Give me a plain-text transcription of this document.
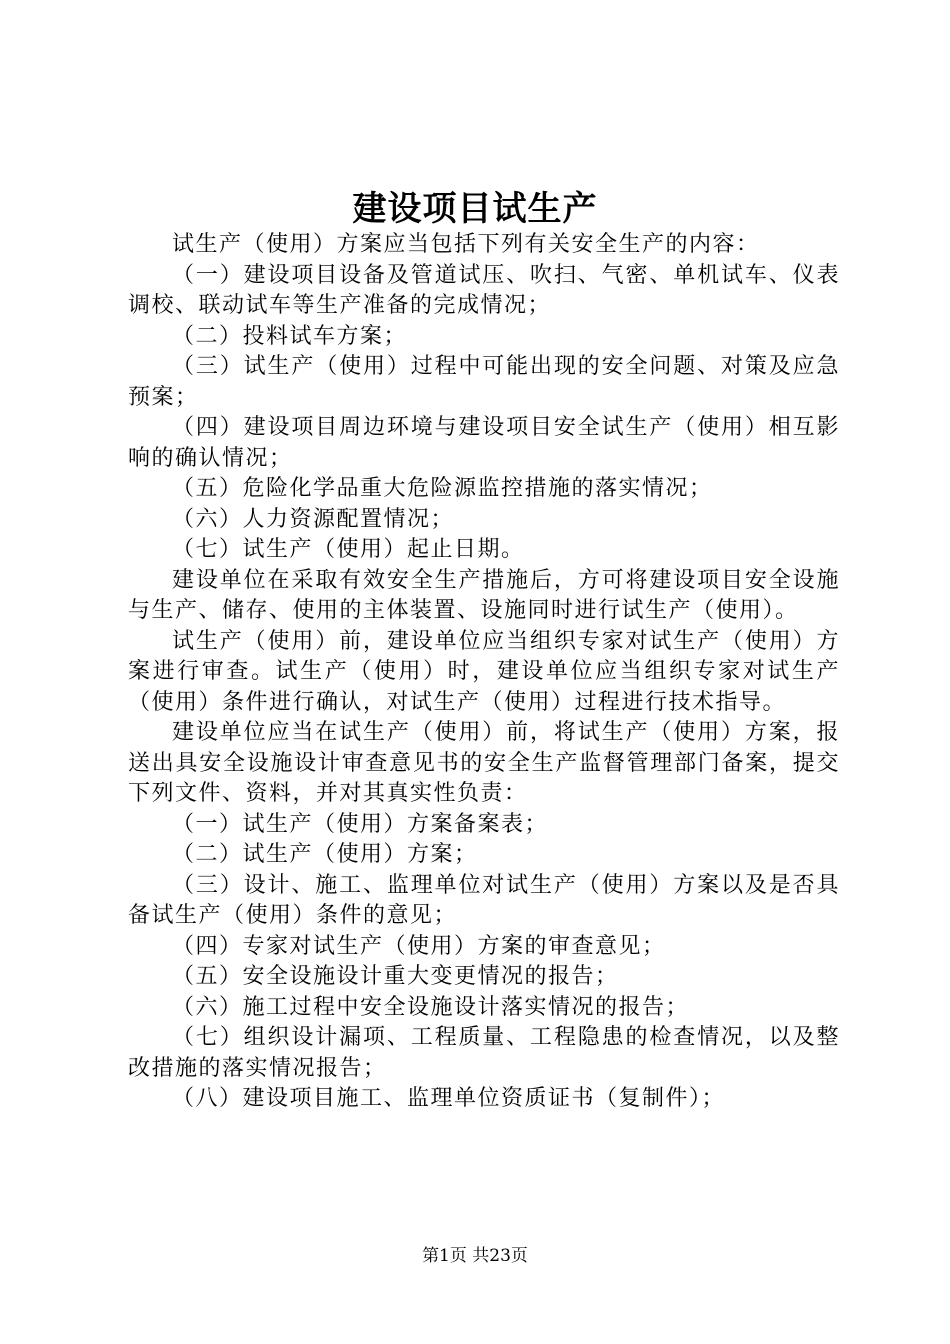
建设项目试生产

试生产（使用）方案应当包括下列有关安全生产的内容：

（一）建设项目设备及管道试压、吹扫、气密、单机试车、仪表调校、联动试车等生产准备的完成情况；

（二）投料试车方案；

（三）试生产（使用）过程中可能出现的安全问题、对策及应急预案；

（四）建设项目周边环境与建设项目安全试生产（使用）相互影响的确认情况；

（五）危险化学品重大危险源监控措施的落实情况；

（六）人力资源配置情况；

（七）试生产（使用）起止日期。

建设单位在采取有效安全生产措施后，方可将建设项目安全设施与生产、储存、使用的主体装置、设施同时进行试生产（使用）。

试生产（使用）前，建设单位应当组织专家对试生产（使用）方案进行审查。试生产（使用）时，建设单位应当组织专家对试生产（使用）条件进行确认，对试生产（使用）过程进行技术指导。

建设单位应当在试生产（使用）前，将试生产（使用）方案，报送出具安全设施设计审查意见书的安全生产监督管理部门备案，提交下列文件、资料，并对其真实性负责：

（一）试生产（使用）方案备案表；

（二）试生产（使用）方案；

（三）设计、施工、监理单位对试生产（使用）方案以及是否具备试生产（使用）条件的意见；

（四）专家对试生产（使用）方案的审查意见；

（五）安全设施设计重大变更情况的报告；

（六）施工过程中安全设施设计落实情况的报告；

（七）组织设计漏项、工程质量、工程隐患的检查情况，以及整改措施的落实情况报告；

（八）建设项目施工、监理单位资质证书（复制件）；

第1页 共23页
